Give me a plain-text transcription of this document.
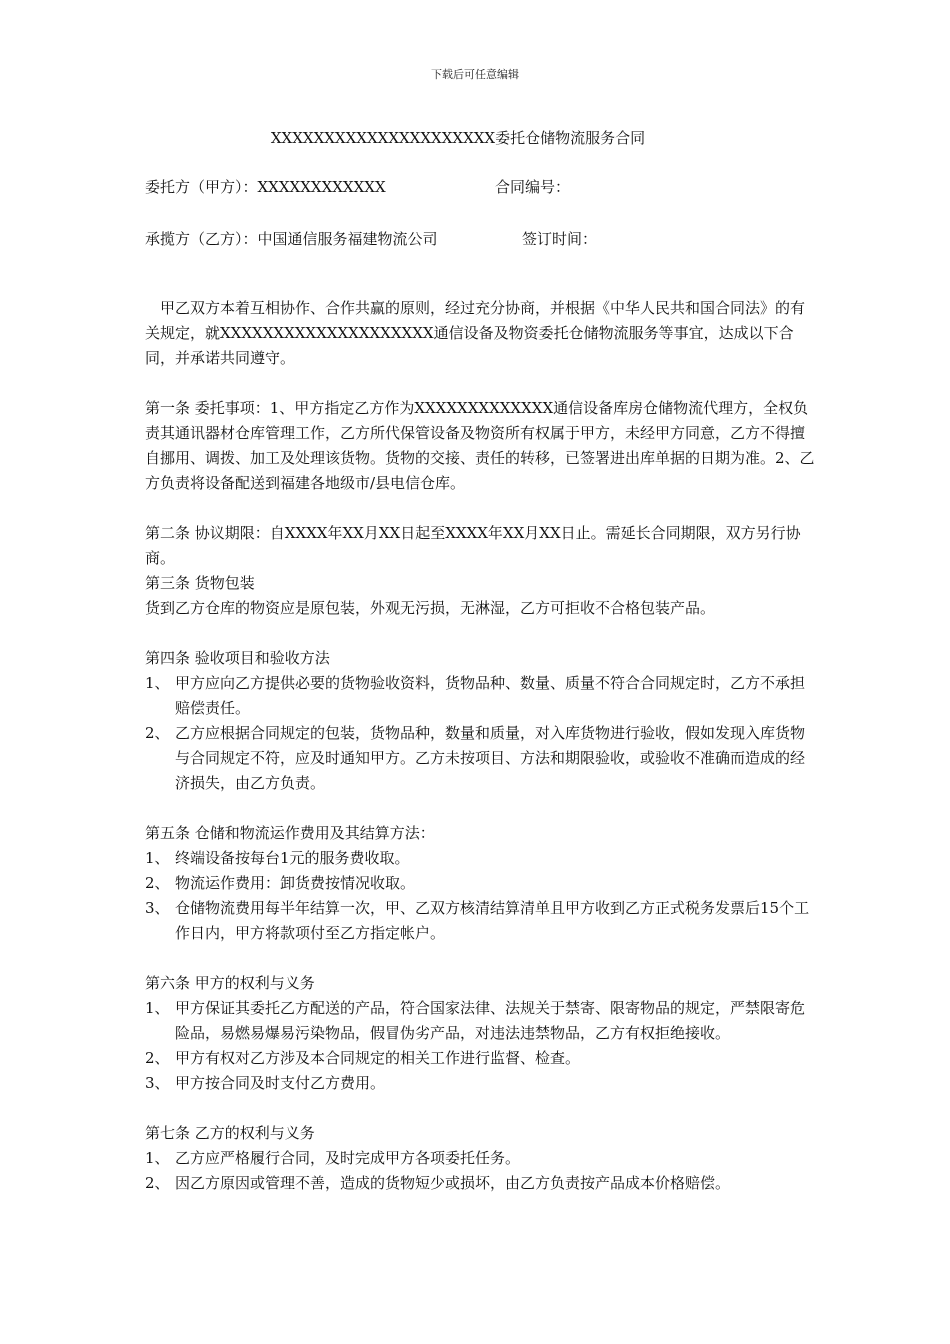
下载后可任意编辑
XXXXXXXXXXXXXXXXXXXXX委托仓储物流服务合同
委托方（甲方）：XXXXXXXXXXXX	合同编号：
承揽方（乙方）：中国通信服务福建物流公司	签订时间：

甲乙双方本着互相协作、合作共赢的原则，经过充分协商，并根据《中华人民共和国合同法》的有关规定，就XXXXXXXXXXXXXXXXXXXX通信设备及物资委托仓储物流服务等事宜，达成以下合同，并承诺共同遵守。

第一条 委托事项：1、甲方指定乙方作为XXXXXXXXXXXXX通信设备库房仓储物流代理方，全权负责其通讯器材仓库管理工作，乙方所代保管设备及物资所有权属于甲方，未经甲方同意，乙方不得擅自挪用、调拨、加工及处理该货物。货物的交接、责任的转移，已签署进出库单据的日期为准。2、乙方负责将设备配送到福建各地级市/县电信仓库。

第二条 协议期限：自XXXX年XX月XX日起至XXXX年XX月XX日止。需延长合同期限，双方另行协商。

第三条 货物包装

货到乙方仓库的物资应是原包装，外观无污损，无淋湿，乙方可拒收不合格包装产品。

第四条 验收项目和验收方法

1、 甲方应向乙方提供必要的货物验收资料，货物品种、数量、质量不符合合同规定时，乙方不承担赔偿责任。
2、 乙方应根据合同规定的包装，货物品种，数量和质量，对入库货物进行验收，假如发现入库货物与合同规定不符，应及时通知甲方。乙方未按项目、方法和期限验收，或验收不准确而造成的经济损失，由乙方负责。

第五条 仓储和物流运作费用及其结算方法：

1、 终端设备按每台1元的服务费收取。
2、 物流运作费用：卸货费按情况收取。
3、 仓储物流费用每半年结算一次，甲、乙双方核清结算清单且甲方收到乙方正式税务发票后15个工作日内，甲方将款项付至乙方指定帐户。

第六条 甲方的权利与义务

1、 甲方保证其委托乙方配送的产品，符合国家法律、法规关于禁寄、限寄物品的规定，严禁限寄危险品，易燃易爆易污染物品，假冒伪劣产品，对违法违禁物品，乙方有权拒绝接收。
2、 甲方有权对乙方涉及本合同规定的相关工作进行监督、检查。
3、 甲方按合同及时支付乙方费用。

第七条 乙方的权利与义务

1、 乙方应严格履行合同，及时完成甲方各项委托任务。
2、 因乙方原因或管理不善，造成的货物短少或损坏，由乙方负责按产品成本价格赔偿。
